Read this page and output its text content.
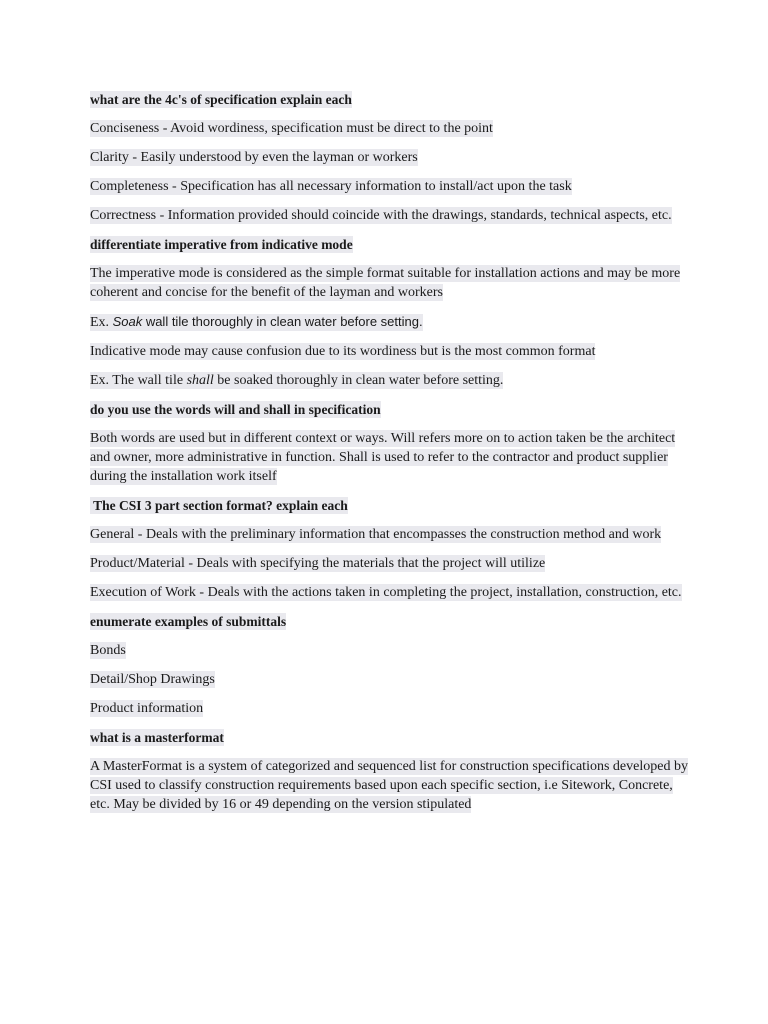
what are the 4c's of specification explain each

Conciseness - Avoid wordiness, specification must be direct to the point

Clarity - Easily understood by even the layman or workers

Completeness - Specification has all necessary information to install/act upon the task

Correctness - Information provided should coincide with the drawings, standards, technical aspects, etc.

differentiate imperative from indicative mode

The imperative mode is considered as the simple format suitable for installation actions and may be more coherent and concise for the benefit of the layman and workers

Ex. Soak wall tile thoroughly in clean water before setting.

Indicative mode may cause confusion due to its wordiness but is the most common format

Ex. The wall tile shall be soaked thoroughly in clean water before setting.

do you use the words will and shall in specification

Both words are used but in different context or ways. Will refers more on to action taken be the architect and owner, more administrative in function. Shall is used to refer to the contractor and product supplier during the installation work itself

The CSI 3 part section format? explain each

General - Deals with the preliminary information that encompasses the construction method and work

Product/Material - Deals with specifying the materials that the project will utilize

Execution of Work - Deals with the actions taken in completing the project, installation, construction, etc.

enumerate examples of submittals

Bonds

Detail/Shop Drawings

Product information

what is a masterformat

A MasterFormat is a system of categorized and sequenced list for construction specifications developed by CSI used to classify construction requirements based upon each specific section, i.e Sitework, Concrete, etc. May be divided by 16 or 49 depending on the version stipulated
